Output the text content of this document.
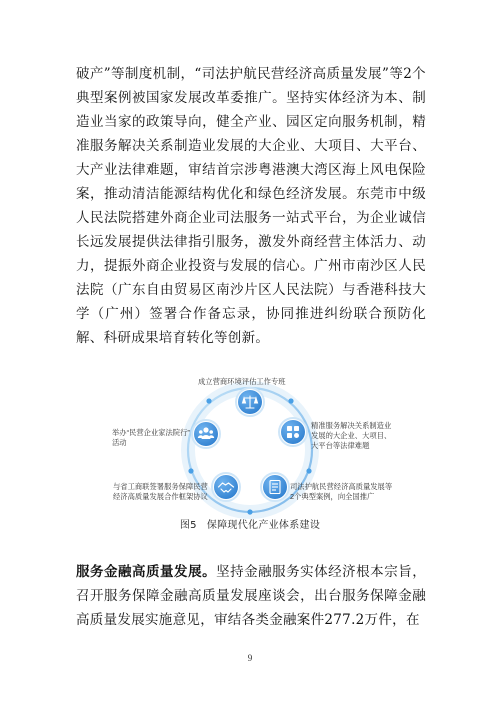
破产”等制度机制，“司法护航民营经济高质量发展”等2个典型案例被国家发展改革委推广。坚持实体经济为本、制造业当家的政策导向，健全产业、园区定向服务机制，精准服务解决关系制造业发展的大企业、大项目、大平台、大产业法律难题，审结首宗涉粤港澳大湾区海上风电保险案，推动清洁能源结构优化和绿色经济发展。东莞市中级人民法院搭建外商企业司法服务一站式平台，为企业诚信长远发展提供法律指引服务，激发外商经营主体活力、动力，提振外商企业投资与发展的信心。广州市南沙区人民法院（广东自由贸易区南沙片区人民法院）与香港科技大学（广州）签署合作备忘录，协同推进纠纷联合预防化解、科研成果培育转化等创新。

成立营商环境评估工作专班
精准服务解决关系制造业
发展的大企业、大项目、
大平台等法律难题
司法护航民营经济高质量发展等
2个典型案例，向全国推广
与省工商联签署服务保障民营
经济高质量发展合作框架协议
举办“民营企业家法院行”
活动
图5 保障现代化产业体系建设

服务金融高质量发展。坚持金融服务实体经济根本宗旨，召开服务保障金融高质量发展座谈会，出台服务保障金融高质量发展实施意见，审结各类金融案件277.2万件，在

9
